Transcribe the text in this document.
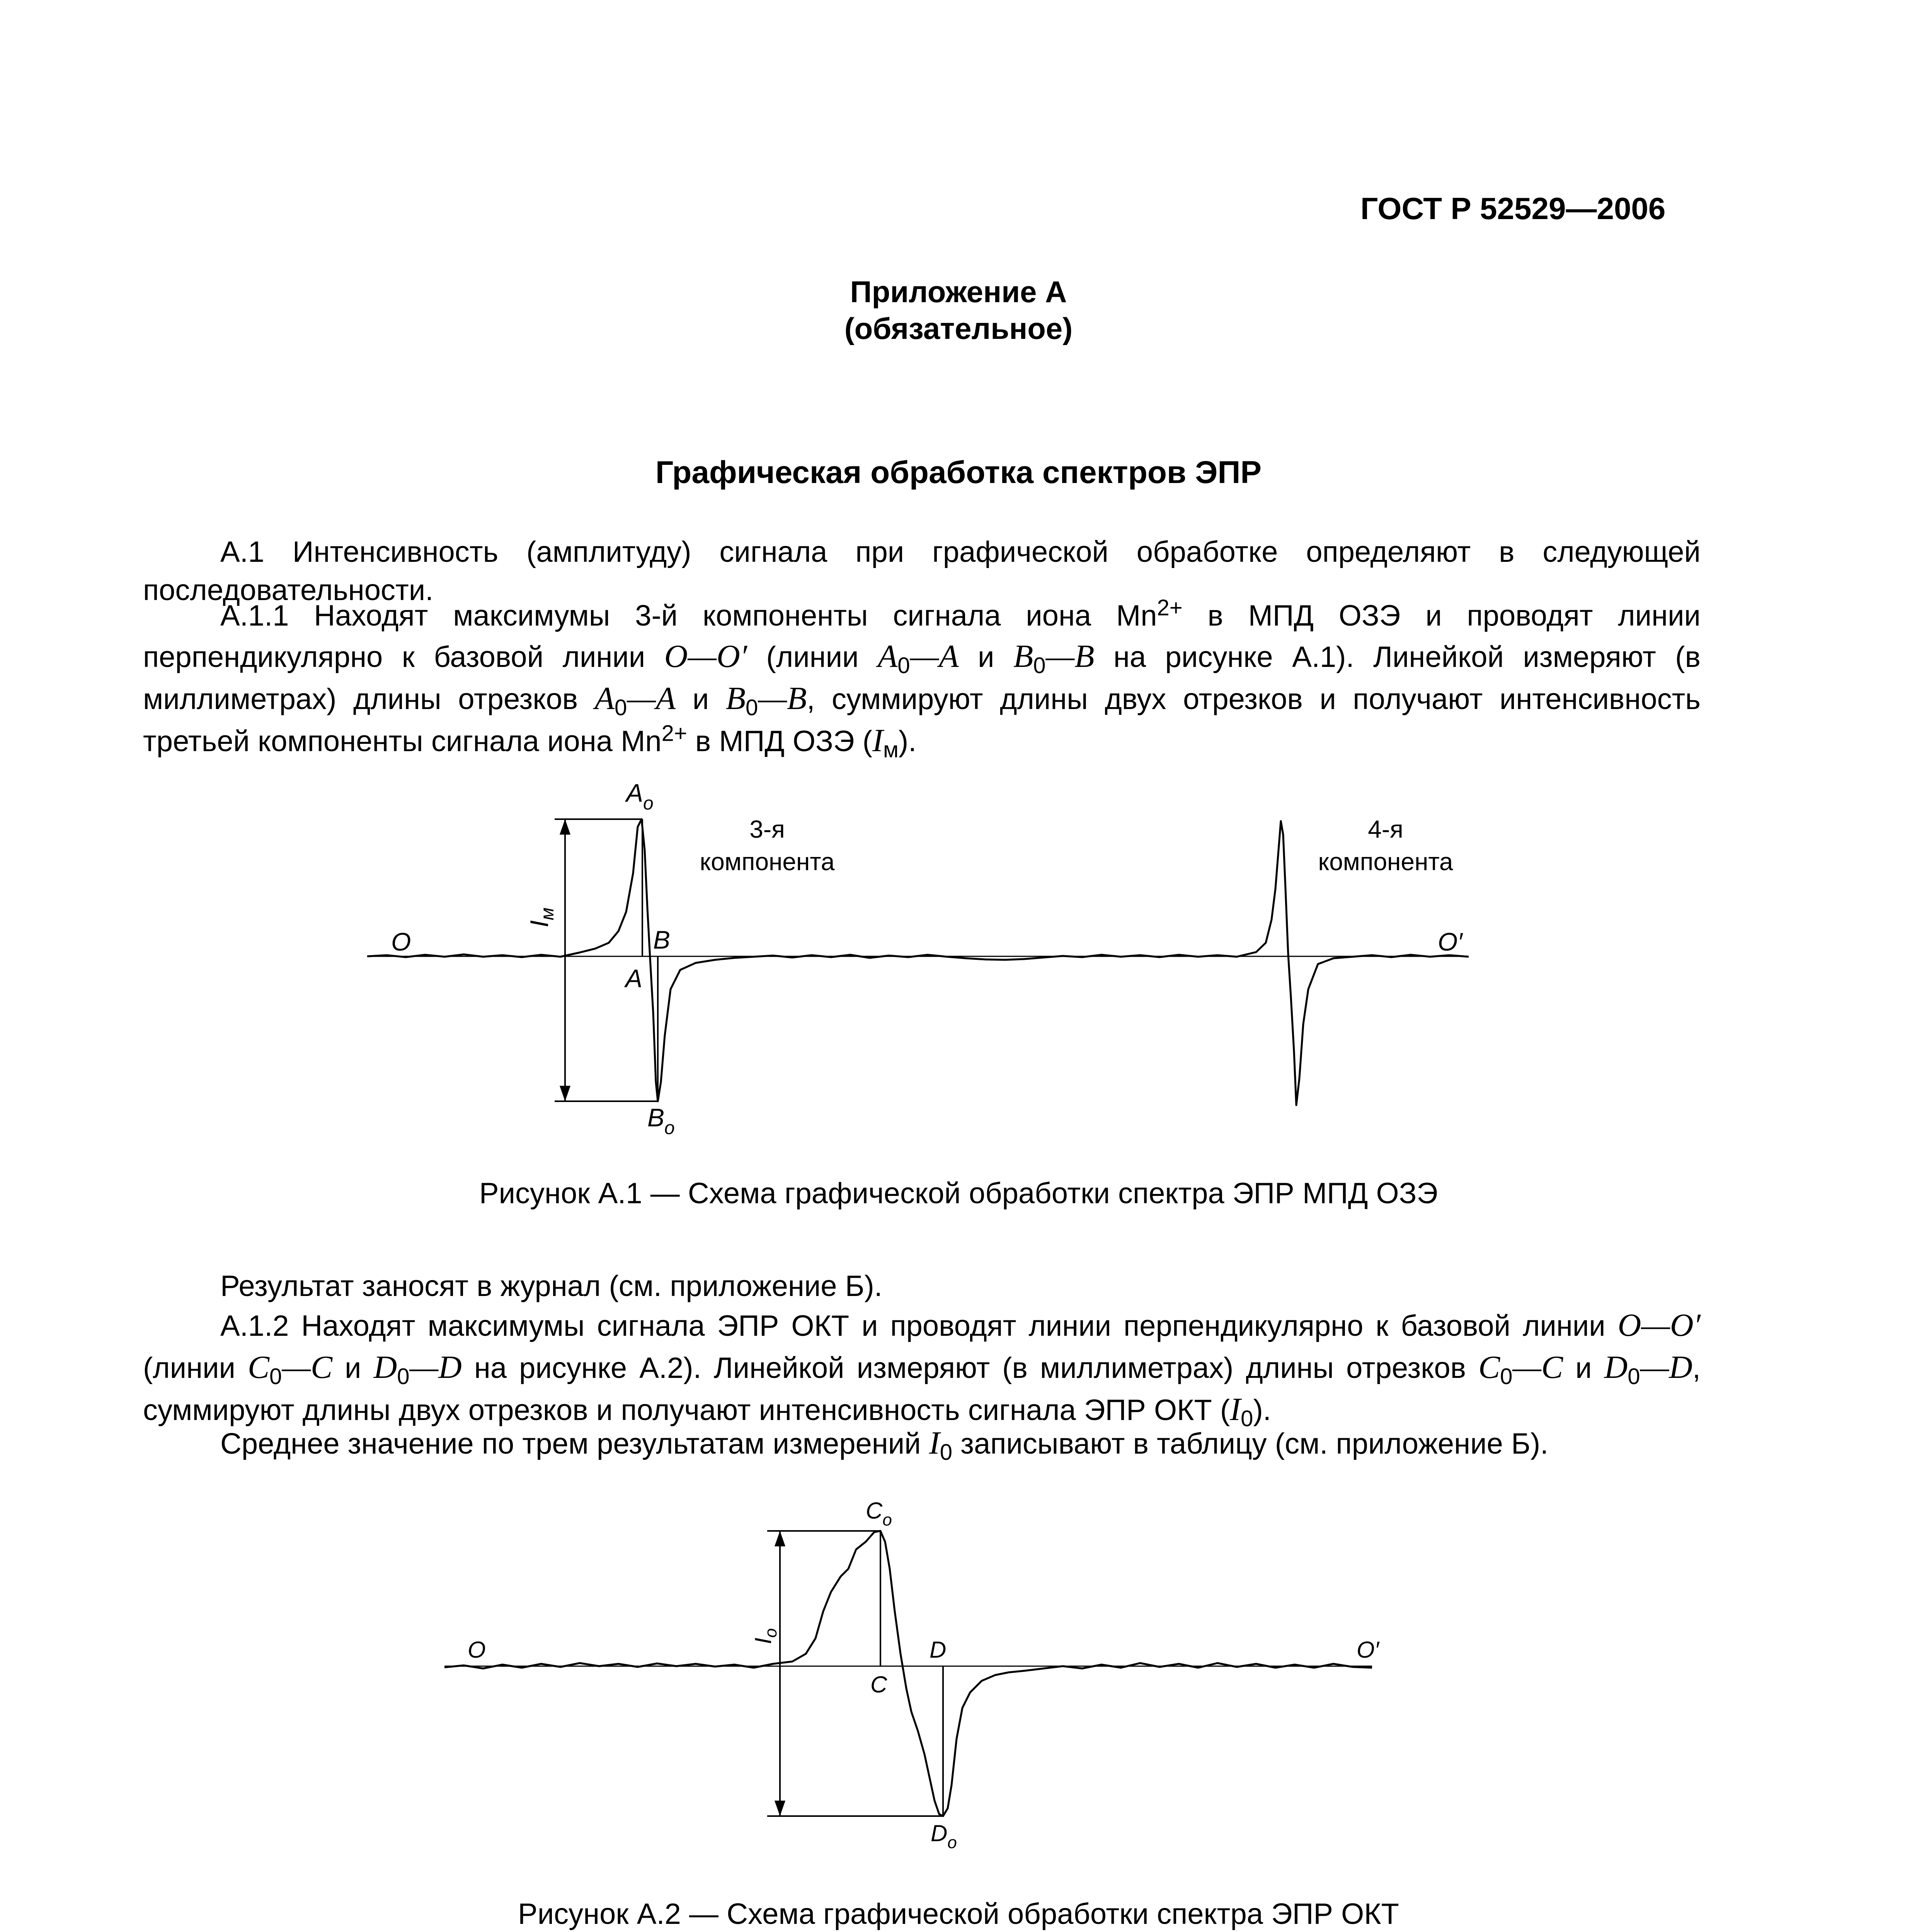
ГОСТ Р 52529—2006
Приложение А
(обязательное)
Графическая обработка спектров ЭПР
А.1 Интенсивность (амплитуду) сигнала при графической обработке определяют в следующей последовательности.
А.1.1 Находят максимумы 3-й компоненты сигнала иона $Mn^{2+}$ в МПД ОЗЭ и проводят линии перпендикулярно к базовой линии O—O′ (линии $A_0—A$ и $B_0—B$ на рисунке А.1). Линейкой измеряют (в миллиметрах) длины отрезков $A_0—A$ и $B_0—B$, суммируют длины двух отрезков и получают интенсивность третьей компоненты сигнала иона $Mn^{2+}$ в МПД ОЗЭ $(I_м)$.
$A_o$
B
A
$B_o$
O	O′
$I_м$
3-я
компонента
4-я
компонента
Рисунок А.1 — Схема графической обработки спектра ЭПР МПД ОЗЭ
Результат заносят в журнал (см. приложение Б).
А.1.2 Находят максимумы сигнала ЭПР ОКТ и проводят линии перпендикулярно к базовой линии O—O′ (линии $C_0—C$ и $D_0—D$ на рисунке А.2). Линейкой измеряют (в миллиметрах) длины отрезков $C_0—C$ и $D_0—D$, суммируют длины двух отрезков и получают интенсивность сигнала ЭПР ОКТ $(I_0)$.
Среднее значение по трем результатам измерений $I_0$ записывают в таблицу (см. приложение Б).
$C_o$
C
D
$D_o$
O	O′
$I_o$
Рисунок А.2 — Схема графической обработки спектра ЭПР ОКТ
